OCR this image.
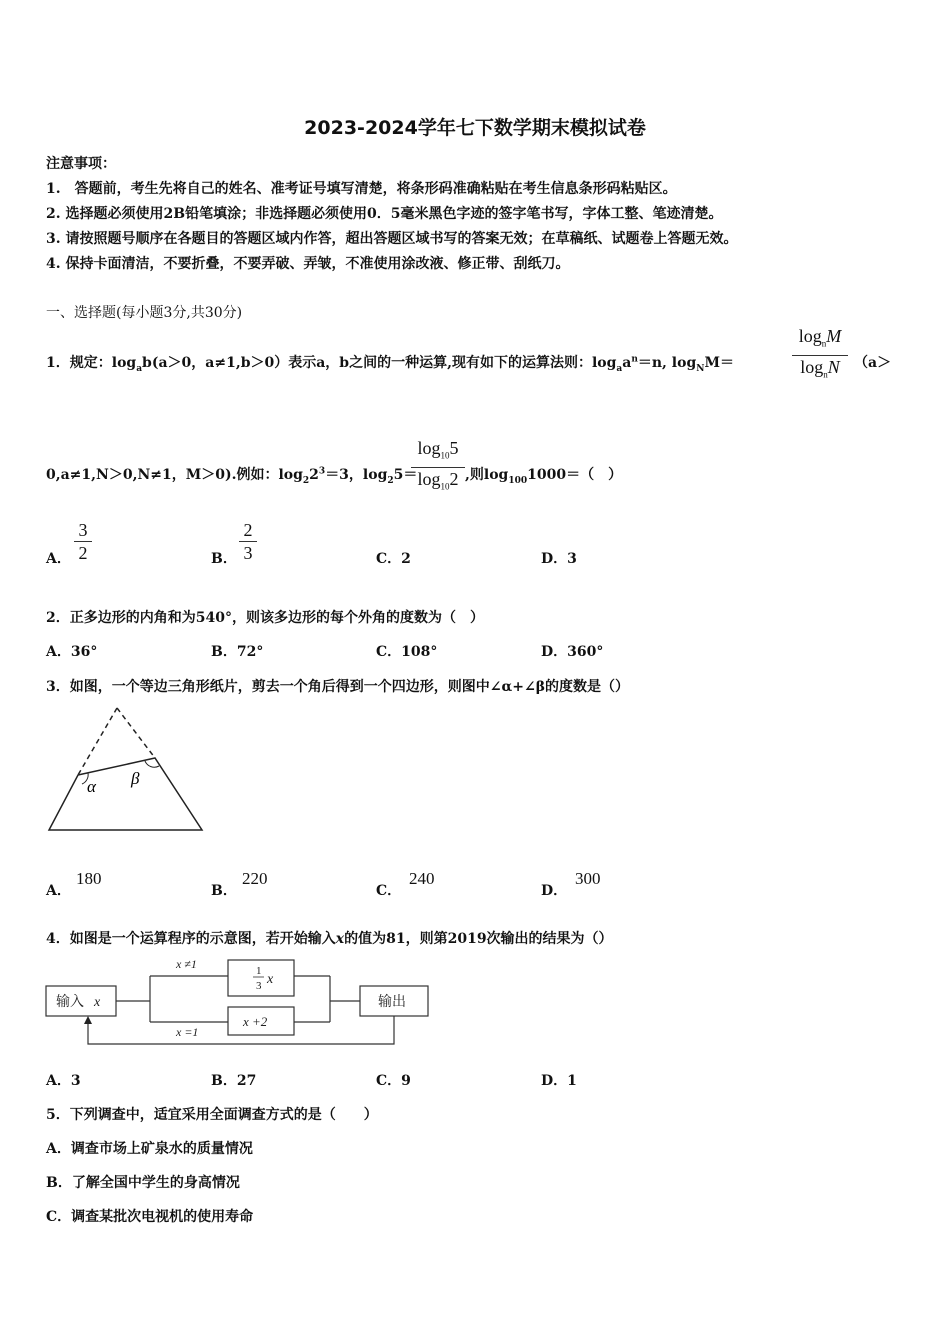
2023-2024学年七下数学期末模拟试卷
注意事项：
1.　答题前，考生先将自己的姓名、准考证号填写清楚，将条形码准确粘贴在考生信息条形码粘贴区。
2. 选择题必须使用2B铅笔填涂；非选择题必须使用0．5毫米黑色字迹的签字笔书写，字体工整、笔迹清楚。
3. 请按照题号顺序在各题目的答题区域内作答，超出答题区域书写的答案无效；在草稿纸、试题卷上答题无效。
4. 保持卡面清洁，不要折叠，不要弄破、弄皱，不准使用涂改液、修正带、刮纸刀。
一、选择题(每小题3分,共30分)
1．规定：$\log_ab(a>0$，a≠1,b＞0）表示a，b之间的一种运算,现有如下的运算法则：$\log_aa^n=n$, $\log_NM=$
$\log_nM$
$\log_nN$	（a＞
0,a≠1,N＞0,N≠1，M＞0).例如：$\log_22^3=3$，$\log_25=$
$\log_{10}5$
$\log_{10}2$ ,则$\log_{100}1000=$（　）
A．
3
2	B．
2
3	C．2	D．3
2．正多边形的内角和为540°，则该多边形的每个外角的度数为（　）
A．36°	B．72°	C．108°	D．360°
3．如图，一个等边三角形纸片，剪去一个角后得到一个四边形，则图中∠α+∠β的度数是（）
α β
A．
180
B．
220
C．
240
D．
300
4．如图是一个运算程序的示意图，若开始输入x的值为81，则第2019次输出的结果为（）
输入 x
1
3 x
x +2
输出
x ≠1
x =1
A．3	B．27	C．9	D．1
5．下列调查中，适宜采用全面调查方式的是（　　）
A．调查市场上矿泉水的质量情况
B．了解全国中学生的身高情况
C．调查某批次电视机的使用寿命
